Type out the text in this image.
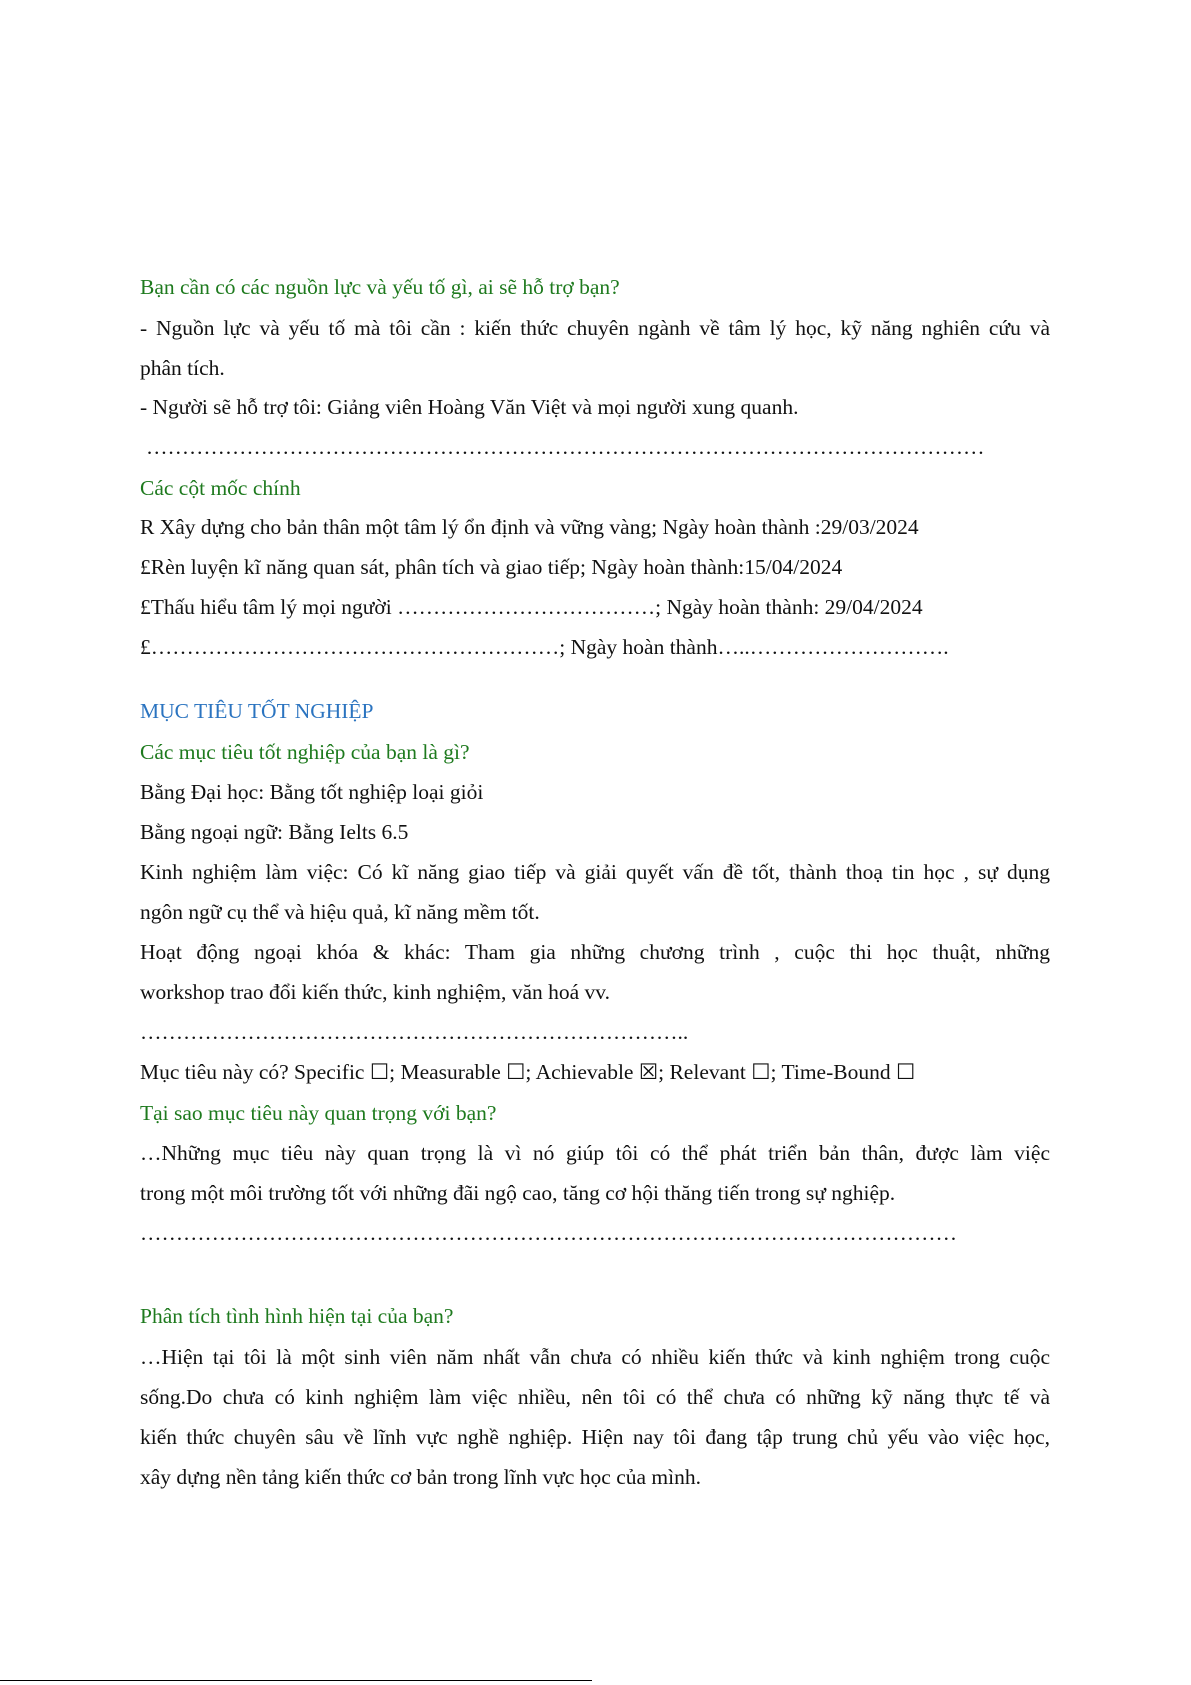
Bạn cần có các nguồn lực và yếu tố gì, ai sẽ hỗ trợ bạn?
- Nguồn lực và yếu tố mà tôi cần : kiến thức chuyên ngành về tâm lý học, kỹ năng nghiên cứu và
phân tích.
- Người sẽ hỗ trợ tôi: Giảng viên Hoàng Văn Việt và mọi người xung quanh.
………………………………………………………………………………………………………
Các cột mốc chính
R Xây dựng cho bản thân một tâm lý ổn định và vững vàng; Ngày hoàn thành :29/03/2024
£Rèn luyện kĩ năng quan sát, phân tích và giao tiếp; Ngày hoàn thành:15/04/2024
£Thấu hiểu tâm lý mọi người ………………………………; Ngày hoàn thành: 29/04/2024
£…………………………………………………; Ngày hoàn thành…..……………………….
MỤC TIÊU TỐT NGHIỆP
Các mục tiêu tốt nghiệp của bạn là gì?
Bằng Đại học: Bằng tốt nghiệp loại giỏi
Bằng ngoại ngữ: Bằng Ielts 6.5
Kinh nghiệm làm việc: Có kĩ năng giao tiếp và giải quyết vấn đề tốt, thành thoạ tin học , sự dụng
ngôn ngữ cụ thể và hiệu quả, kĩ năng mềm tốt.
Hoạt động ngoại khóa & khác: Tham gia những chương trình , cuộc thi học thuật, những
workshop trao đổi kiến thức, kinh nghiệm, văn hoá vv.
…………………………………………………………………..
Mục tiêu này có? Specific ☐; Measurable ☐; Achievable ☒; Relevant ☐; Time-Bound ☐
Tại sao mục tiêu này quan trọng với bạn?
…Những mục tiêu này quan trọng là vì nó giúp tôi có thể phát triển bản thân, được làm việc
trong một môi trường tốt với những đãi ngộ cao, tăng cơ hội thăng tiến trong sự nghiệp.
……………………………………………………………………………………………………
Phân tích tình hình hiện tại của bạn?
…Hiện tại tôi là một sinh viên năm nhất vẫn chưa có nhiều kiến thức và kinh nghiệm trong cuộc
sống.Do chưa có kinh nghiệm làm việc nhiều, nên tôi có thể chưa có những kỹ năng thực tế và
kiến thức chuyên sâu về lĩnh vực nghề nghiệp. Hiện nay tôi đang tập trung chủ yếu vào việc học,
xây dựng nền tảng kiến thức cơ bản trong lĩnh vực học của mình.
